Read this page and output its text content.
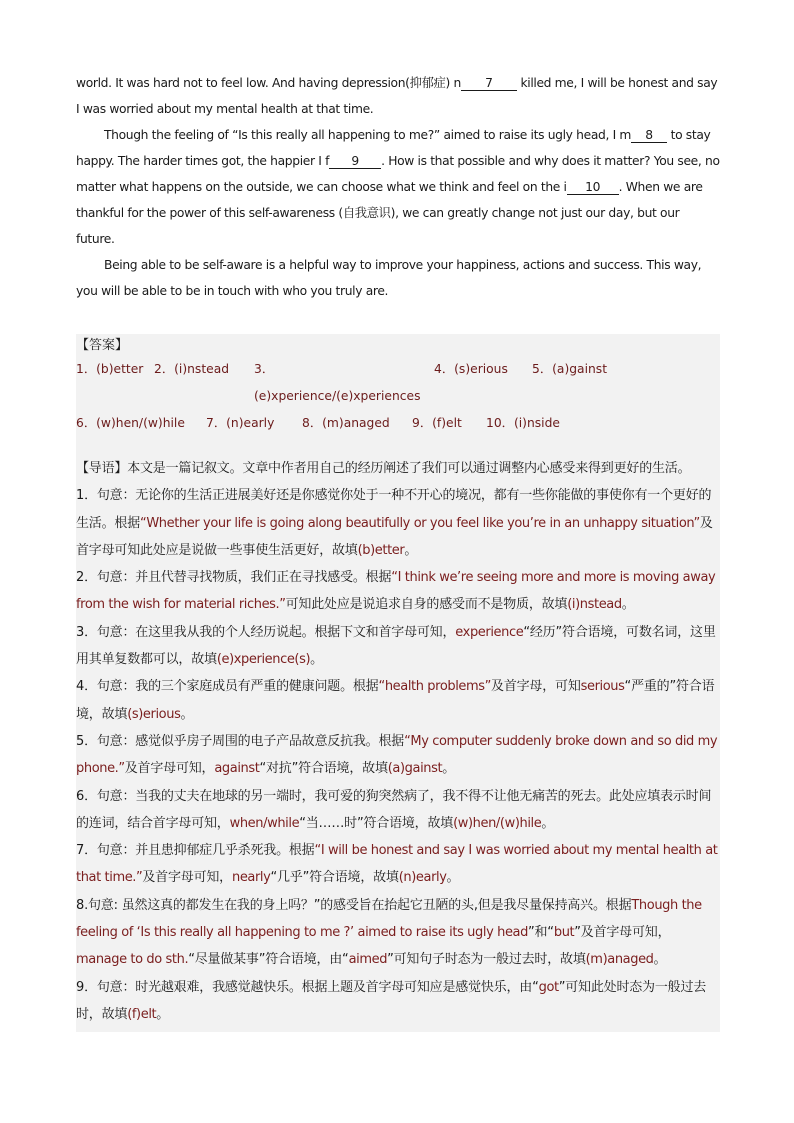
world. It was hard not to feel low. And having depression(抑郁症) n 7 killed me, I will be honest and say I was worried about my mental health at that time.

Though the feeling of “Is this really all happening to me?” aimed to raise its ugly head, I m 8 to stay happy. The harder times got, the happier I f 9 . How is that possible and why does it matter? You see, no matter what happens on the outside, we can choose what we think and feel on the i 10 . When we are thankful for the power of this self-awareness (自我意识), we can greatly change not just our day, but our future.

Being able to be self-aware is a helpful way to improve your happiness, actions and success. This way, you will be able to be in touch with who you truly are.

【答案】
1．(b)etter 2．(i)nstead	3．(e)xperience/(e)xperiences
4．(s)erious	5．(a)gainst
6．(w)hen/(w)hile	7．(n)early	8．(m)anaged	9．(f)elt	10．(i)nside

【导语】本文是一篇记叙文。文章中作者用自己的经历阐述了我们可以通过调整内心感受来得到更好的生活。

1．句意：无论你的生活正进展美好还是你感觉你处于一种不开心的境况，都有一些你能做的事使你有一个更好的生活。根据“Whether your life is going along beautifully or you feel like you’re in an unhappy situation”及首字母可知此处应是说做一些事使生活更好，故填(b)etter。

2．句意：并且代替寻找物质，我们正在寻找感受。根据“I think we’re seeing more and more is moving away from the wish for material riches.”可知此处应是说追求自身的感受而不是物质，故填(i)nstead。

3．句意：在这里我从我的个人经历说起。根据下文和首字母可知，experience“经历”符合语境，可数名词，这里用其单复数都可以，故填(e)xperience(s)。

4．句意：我的三个家庭成员有严重的健康问题。根据“health problems”及首字母，可知serious“严重的”符合语境，故填(s)erious。

5．句意：感觉似乎房子周围的电子产品故意反抗我。根据“My computer suddenly broke down and so did my phone.”及首字母可知，against“对抗”符合语境，故填(a)gainst。

6．句意：当我的丈夫在地球的另一端时，我可爱的狗突然病了，我不得不让他无痛苦的死去。此处应填表示时间的连词，结合首字母可知，when/while“当……时”符合语境，故填(w)hen/(w)hile。

7．句意：并且患抑郁症几乎杀死我。根据“I will be honest and say I was worried about my mental health at that time.”及首字母可知，nearly“几乎”符合语境，故填(n)early。

8.句意: 虽然这真的都发生在我的身上吗？”的感受旨在抬起它丑陋的头,但是我尽量保持高兴。根据Though the feeling of ‘Is this really all happening to me ?’ aimed to raise its ugly head”和“but”及首字母可知，manage to do sth.“尽量做某事”符合语境，由“aimed”可知句子时态为一般过去时，故填(m)anaged。

9．句意：时光越艰难，我感觉越快乐。根据上题及首字母可知应是感觉快乐，由“got”可知此处时态为一般过去时，故填(f)elt。
